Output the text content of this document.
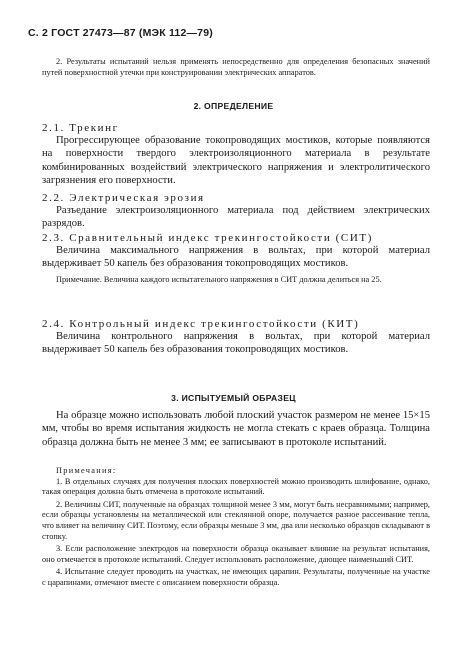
С. 2 ГОСТ 27473—87 (МЭК 112—79)

2. Результаты испытаний нельзя применять непосредственно для определения безопасных значений путей поверхностной утечки при конструировании электрических аппаратов.

2. ОПРЕДЕЛЕНИЕ

2.1. Трекинг

Прогрессирующее образование токопроводящих мостиков, которые появляются на поверхности твердого электроизоляционного материала в результате комбинированных воздействий электрического напряжения и электролитического загрязнения его поверхности.

2.2. Электрическая эрозия

Разъедание электроизоляционного материала под действием электрических разрядов.

2.3. Сравнительный индекс трекингостойкости (СИТ)

Величина максимального напряжения в вольтах, при которой материал выдерживает 50 капель без образования токопроводящих мостиков.

Примечание. Величина каждого испытательного напряжения в СИТ должна делиться на 25.

2.4. Контрольный индекс трекингостойкости (КИТ)

Величина контрольного напряжения в вольтах, при которой материал выдерживает 50 капель без образования токопроводящих мостиков.

3. ИСПЫТУЕМЫЙ ОБРАЗЕЦ

На образце можно использовать любой плоский участок размером не менее 15×15 мм, чтобы во время испытания жидкость не могла стекать с краев образца. Толщина образца должна быть не менее 3 мм; ее записывают в протоколе испытаний.

Примечания:

1. В отдельных случаях для получения плоских поверхностей можно производить шлифование, однако, такая операция должна быть отмечена в протоколе испытаний.

2. Величины СИТ, полученные на образцах толщиной менее 3 мм, могут быть несравнимыми; например, если образцы установлены на металлической или стеклянной опоре, получается разное рассеивание тепла, что влияет на величину СИТ. Поэтому, если образцы меньше 3 мм, два или несколько образцов складывают в стопку.

3. Если расположение электродов на поверхности образца оказывает влияние на результат испытания, оно отмечается в протоколе испытаний. Следует использовать расположение, дающее наименьший СИТ.

4. Испытание следует проводить на участках, не имеющих царапин. Результаты, полученные на участке с царапинами, отмечают вместе с описанием поверхности образца.
